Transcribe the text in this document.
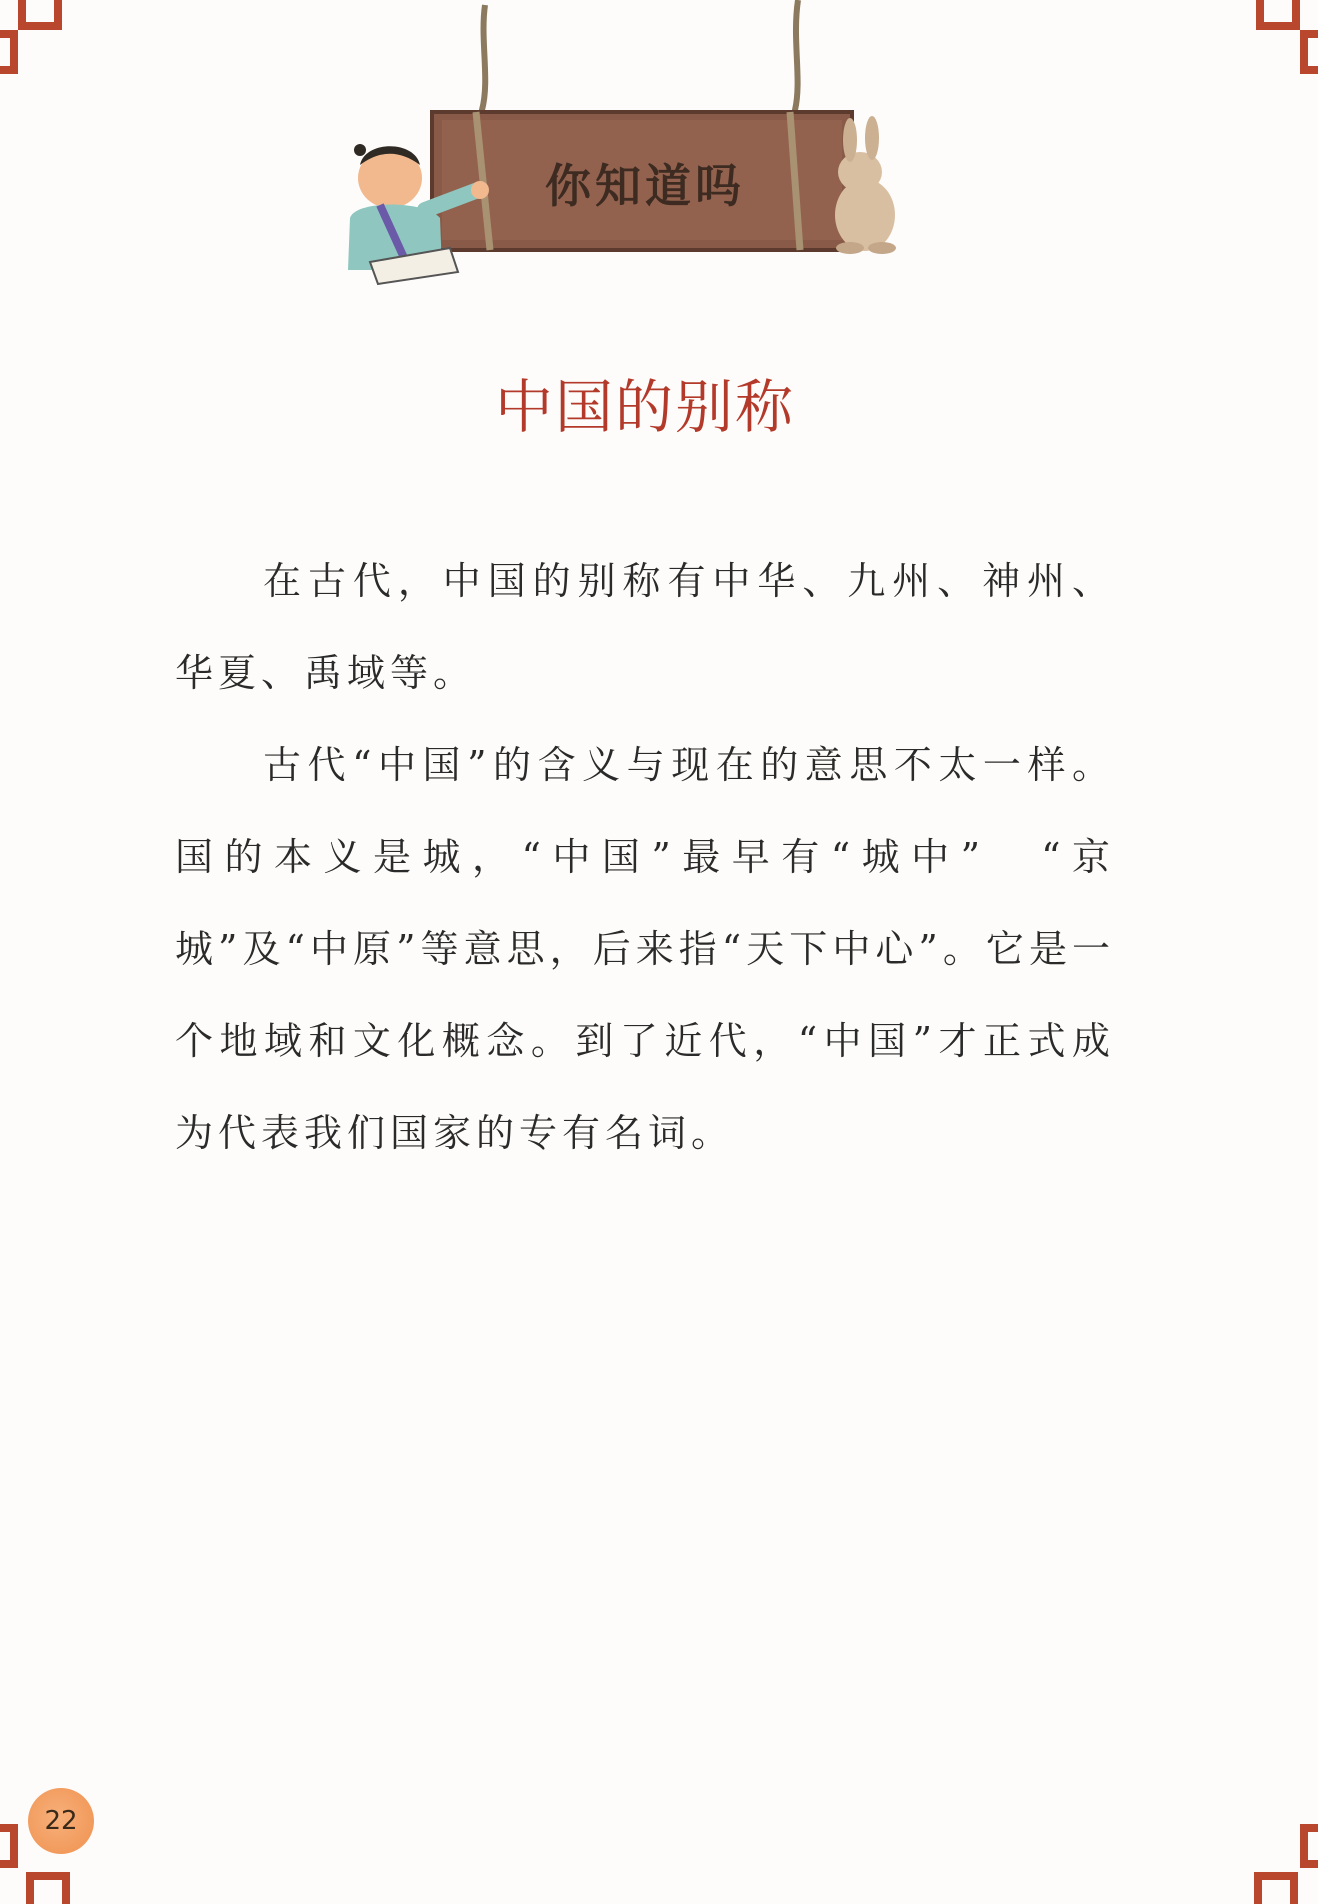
你知道吗
中国的别称

在古代，中国的别称有中华、九州、神州、华夏、禹域等。

古代“中国”的含义与现在的意思不太一样。国的本义是城，“中国”最早有“城中”　“京城”及“中原”等意思，后来指“天下中心”。它是一个地域和文化概念。到了近代，“中国”才正式成为代表我们国家的专有名词。

22
